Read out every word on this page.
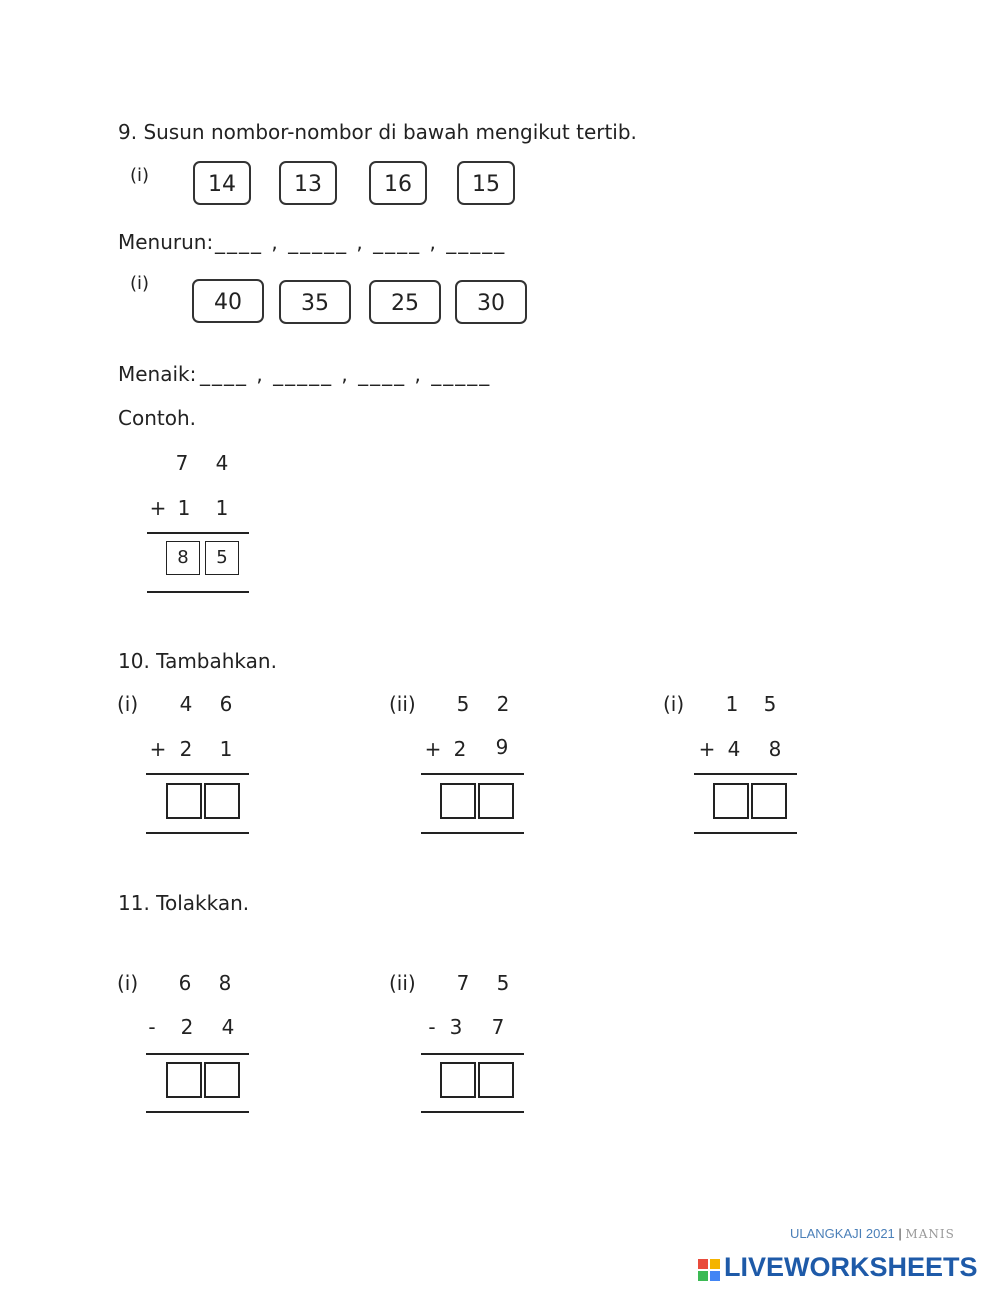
9. Susun nombor-nombor di bawah mengikut tertib.
(i)	14	13	16	15
Menurun: ____ , _____ , ____ , _____
(i)
40	35	25	30
Menaik: ____ , _____ , ____ , _____
Contoh.
7 4
+ 1 1
8	5
10. Tambahkan.
(i) 4 6
+ 2 1
(ii) 5 2
+ 2 9
(i) 1 5
+ 4 8
11. Tolakkan.
(i) 6 8
-	2 4
(ii) 7 5
- 3 7
ULANGKAJI 2021 | MANIS
LIVEWORKSHEETS
